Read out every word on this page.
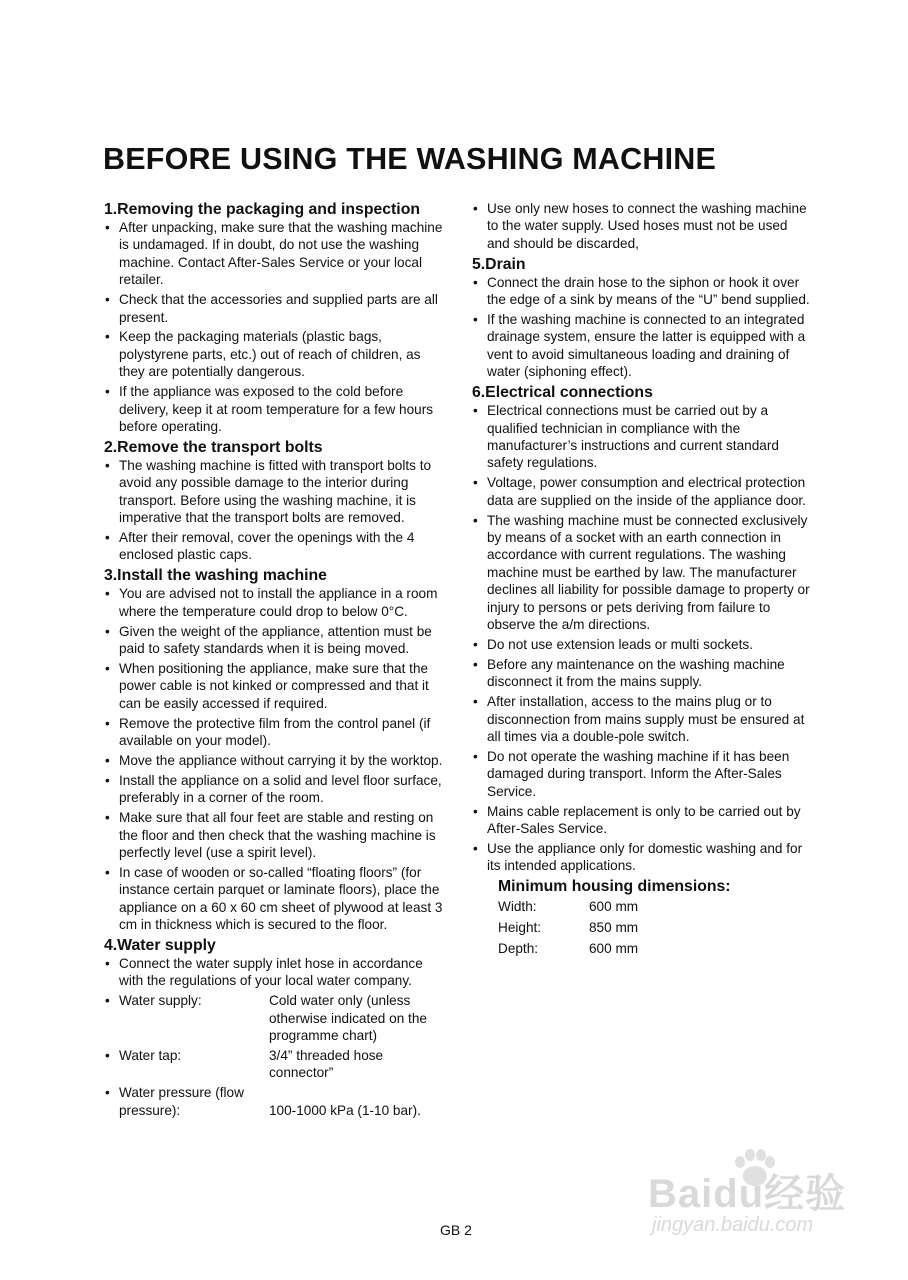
BEFORE USING THE WASHING MACHINE

1.Removing the packaging and inspection

• After unpacking, make sure that the washing machine is undamaged. If in doubt, do not use the washing machine. Contact After-Sales Service or your local retailer.
• Check that the accessories and supplied parts are all present.
• Keep the packaging materials (plastic bags, polystyrene parts, etc.) out of reach of children, as they are potentially dangerous.
• If the appliance was exposed to the cold before delivery, keep it at room temperature for a few hours before operating.

2.Remove the transport bolts

• The washing machine is fitted with transport bolts to avoid any possible damage to the interior during transport. Before using the washing machine, it is imperative that the transport bolts are removed.
• After their removal, cover the openings with the 4 enclosed plastic caps.

3.Install the washing machine

• You are advised not to install the appliance in a room where the temperature could drop to below 0°C.
• Given the weight of the appliance, attention must be paid to safety standards when it is being moved.
• When positioning the appliance, make sure that the power cable is not kinked or compressed and that it can be easily accessed if required.
• Remove the protective film from the control panel (if available on your model).
• Move the appliance without carrying it by the worktop.
• Install the appliance on a solid and level floor surface, preferably in a corner of the room.
• Make sure that all four feet are stable and resting on the floor and then check that the washing machine is perfectly level (use a spirit level).
• In case of wooden or so-called “floating floors” (for instance certain parquet or laminate floors), place the appliance on a 60 x 60 cm sheet of plywood at least 3 cm in thickness which is secured to the floor.

4.Water supply

• Connect the water supply inlet hose in accordance with the regulations of your local water company.
• Water supply:	Cold water only (unless otherwise indicated on the programme chart)
• Water tap:	3/4” threaded hose connector”
• Water pressure (flow pressure):	100-1000 kPa (1-10 bar).
• Use only new hoses to connect the washing machine to the water supply. Used hoses must not be used and should be discarded,

5.Drain

• Connect the drain hose to the siphon or hook it over the edge of a sink by means of the “U” bend supplied.
• If the washing machine is connected to an integrated drainage system, ensure the latter is equipped with a vent to avoid simultaneous loading and draining of water (siphoning effect).

6.Electrical connections

• Electrical connections must be carried out by a qualified technician in compliance with the manufacturer’s instructions and current standard safety regulations.
• Voltage, power consumption and electrical protection data are supplied on the inside of the appliance door.
• The washing machine must be connected exclusively by means of a socket with an earth connection in accordance with current regulations. The washing machine must be earthed by law. The manufacturer declines all liability for possible damage to property or injury to persons or pets deriving from failure to observe the a/m directions.
• Do not use extension leads or multi sockets.
• Before any maintenance on the washing machine disconnect it from the mains supply.
• After installation, access to the mains plug or to disconnection from mains supply must be ensured at all times via a double-pole switch.
• Do not operate the washing machine if it has been damaged during transport. Inform the After-Sales Service.
• Mains cable replacement is only to be carried out by After-Sales Service.
• Use the appliance only for domestic washing and for its intended applications.

Minimum housing dimensions:

Width:	600 mm
Height:	850 mm
Depth:	600 mm
GB 2
Baidu经验
jingyan.baidu.com
